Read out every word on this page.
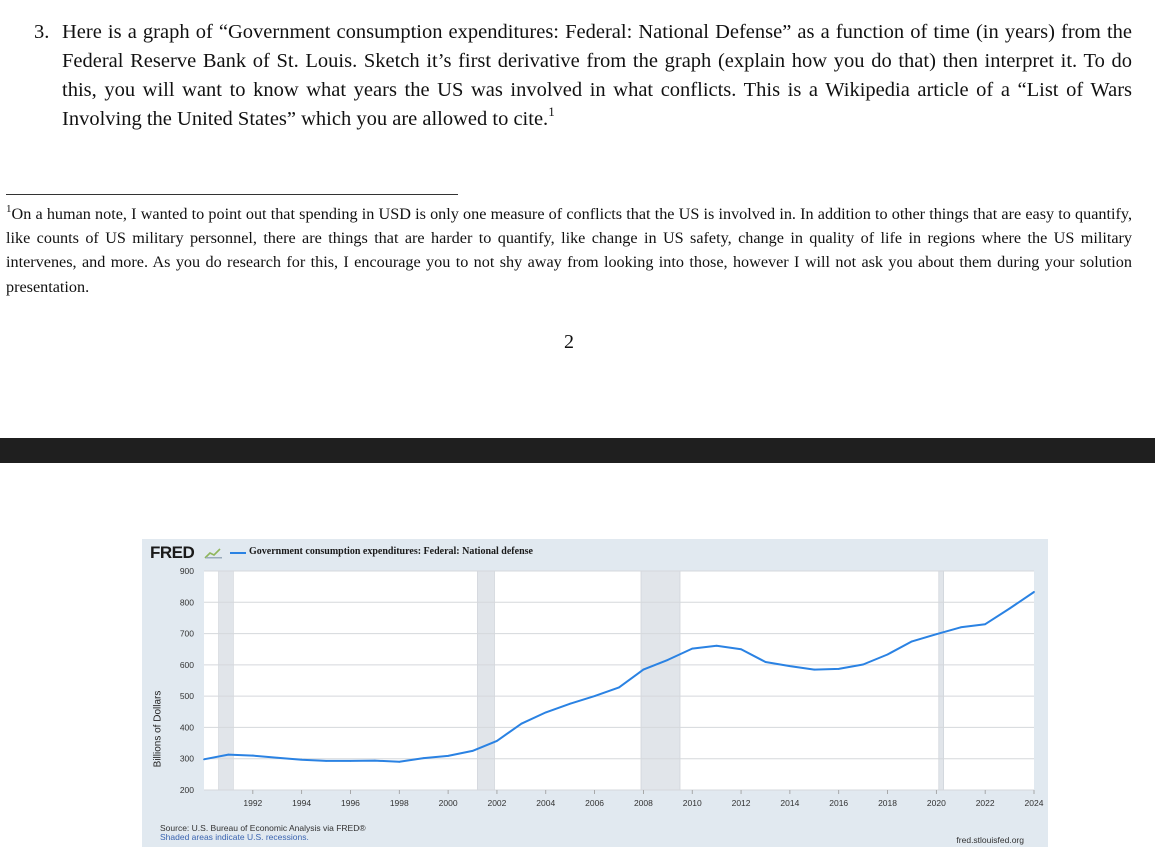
3. Here is a graph of “Government consumption expenditures: Federal: National Defense” as a function of time (in years) from the Federal Reserve Bank of St. Louis. Sketch it’s first derivative from the graph (explain how you do that) then interpret it. To do this, you will want to know what years the US was involved in what conflicts. This is a Wikipedia article of a “List of Wars Involving the United States” which you are allowed to cite.$^1$
$^1$On a human note, I wanted to point out that spending in USD is only one measure of conflicts that the US is involved in. In addition to other things that are easy to quantify, like counts of US military personnel, there are things that are harder to quantify, like change in US safety, change in quality of life in regions where the US military intervenes, and more. As you do research for this, I encourage you to not shy away from looking into those, however I will not ask you about them during your solution presentation.
2
900
800
700
600
500
400
300
200
1992	1994	1996	1998	2000	2002	2004	2006	2008	2010	2012	2014	2016	2018	2020	2022	2024
FRED	Government consumption expenditures: Federal: National defense
Billions of Dollars
Source: U.S. Bureau of Economic Analysis via FRED®
Shaded areas indicate U.S. recessions.	fred.stlouisfed.org
